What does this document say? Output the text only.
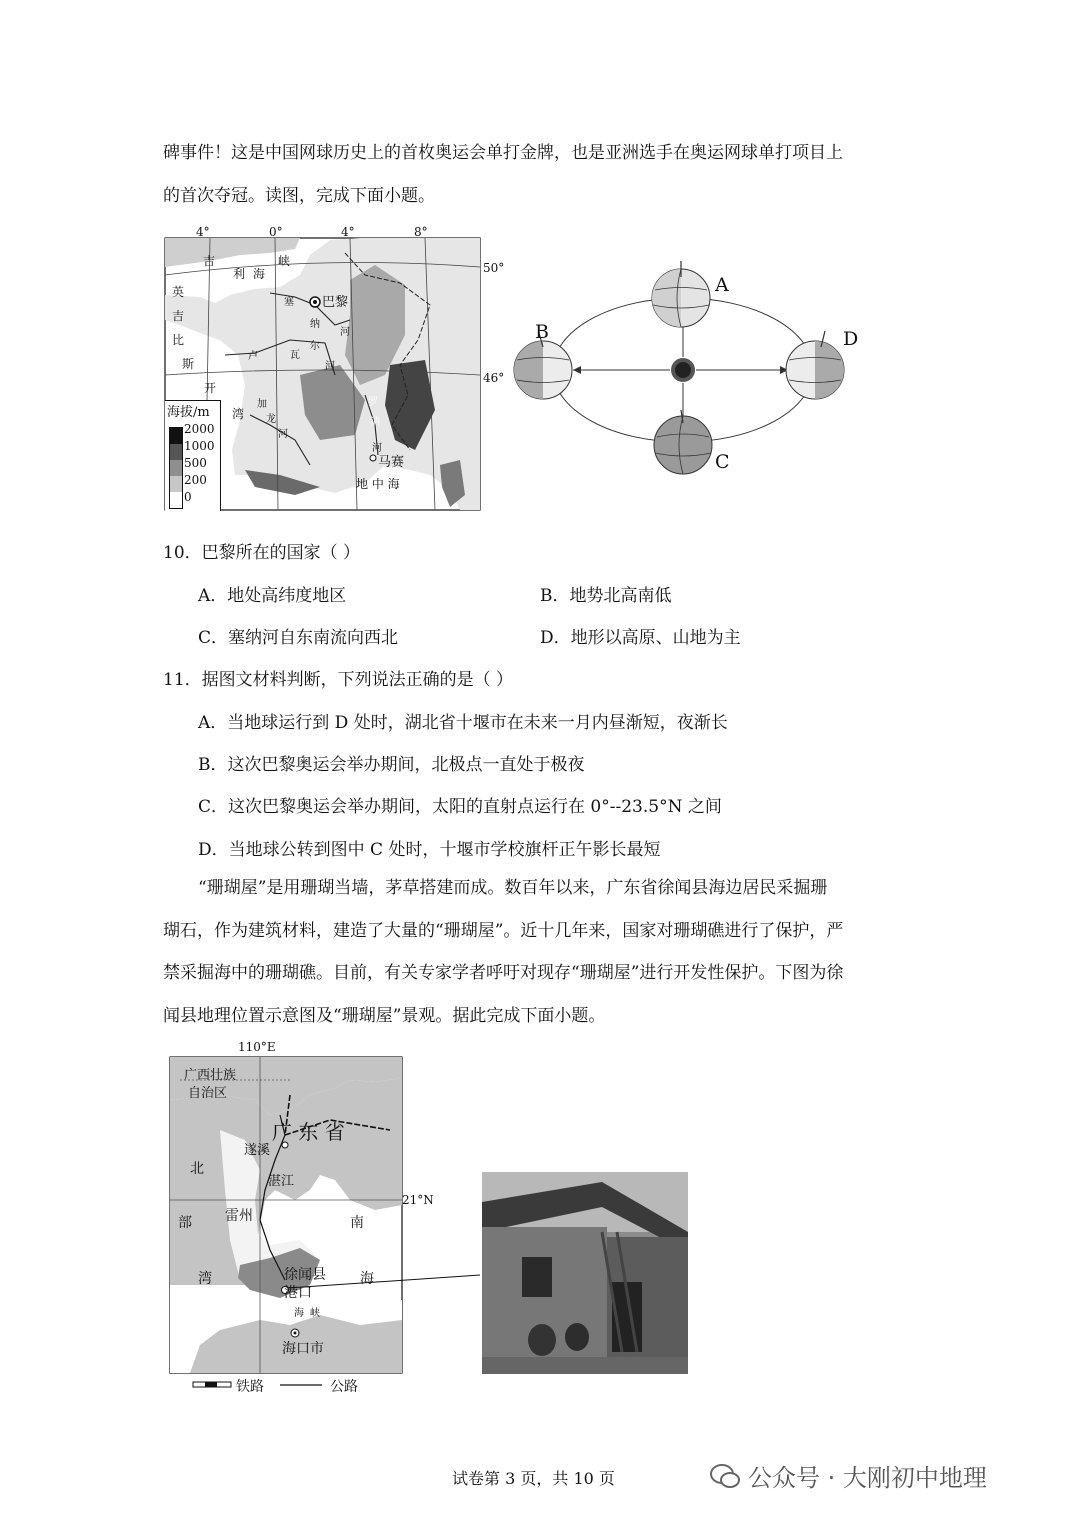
碑事件！这是中国网球历史上的首枚奥运会单打金牌，也是亚洲选手在奥运网球单打项目上
的首次夺冠。读图，完成下面小题。
4°	0°	4°	8°
50°
46°
吉
利 海
峡
英
吉
比
斯
开
湾
巴黎
塞
纳
河
卢	瓦
尔
河
加
龙
河
罗
讷
河
马赛
地 中 海
海拔/m
2000
1000
500
200
0
A
B
C
D
10．巴黎所在的国家（ ）
A．地处高纬度地区	B．地势北高南低
C．塞纳河自东南流向西北	D．地形以高原、山地为主
11．据图文材料判断，下列说法正确的是（ ）
A．当地球运行到 D 处时，湖北省十堰市在未来一月内昼渐短，夜渐长
B．这次巴黎奥运会举办期间，北极点一直处于极夜
C．这次巴黎奥运会举办期间，太阳的直射点运行在 0°--23.5°N 之间
D．当地球公转到图中 C 处时，十堰市学校旗杆正午影长最短
“珊瑚屋”是用珊瑚当墙，茅草搭建而成。数百年以来，广东省徐闻县海边居民采掘珊
瑚石，作为建筑材料，建造了大量的“珊瑚屋”。近十几年来，国家对珊瑚礁进行了保护，严
禁采掘海中的珊瑚礁。目前，有关专家学者呼吁对现存“珊瑚屋”进行开发性保护。下图为徐
闻县地理位置示意图及“珊瑚屋”景观。据此完成下面小题。
110°E
21°N
广西壮族
自治区
广 东 省
遂溪
湛江
雷州
北
部
湾
南
海
徐闻县
港口
海 峡
海口市
铁路	公路
试卷第 3 页，共 10 页	公众号 · 大刚初中地理
